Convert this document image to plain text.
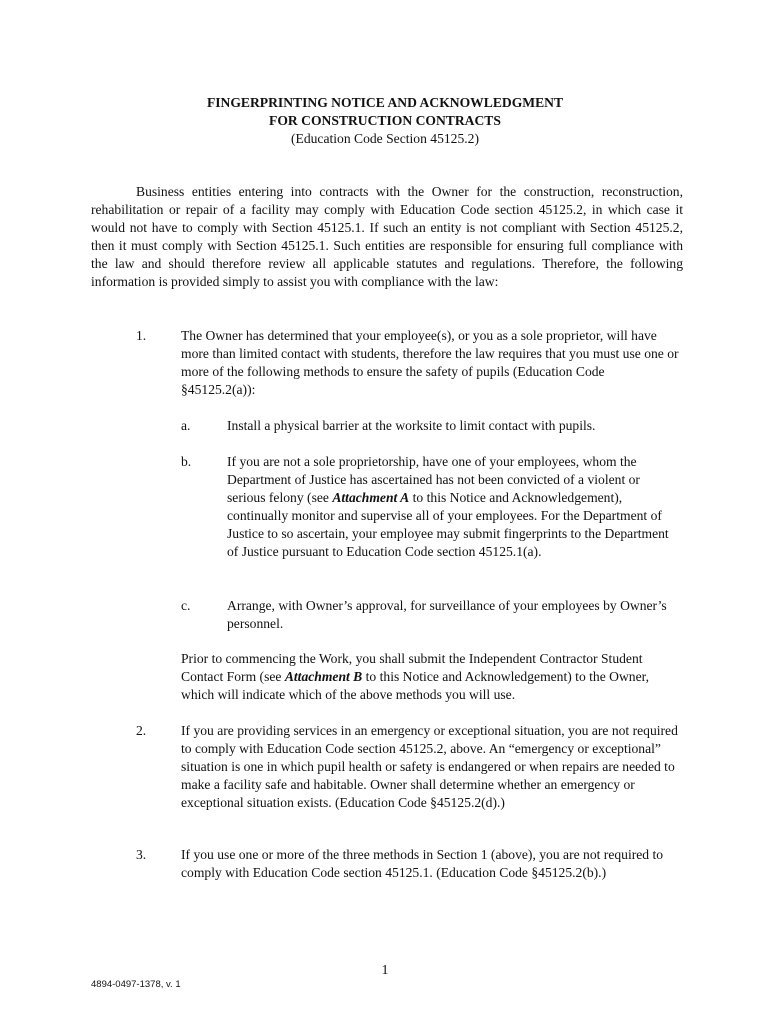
FINGERPRINTING NOTICE AND ACKNOWLEDGMENT
FOR CONSTRUCTION CONTRACTS
(Education Code Section 45125.2)

Business entities entering into contracts with the Owner for the construction, reconstruction, rehabilitation or repair of a facility may comply with Education Code section 45125.2, in which case it would not have to comply with Section 45125.1. If such an entity is not compliant with Section 45125.2, then it must comply with Section 45125.1. Such entities are responsible for ensuring full compliance with the law and should therefore review all applicable statutes and regulations. Therefore, the following information is provided simply to assist you with compliance with the law:

1.	The Owner has determined that your employee(s), or you as a sole proprietor, will have more than limited contact with students, therefore the law requires that you must use one or more of the following methods to ensure the safety of pupils (Education Code §45125.2(a)):

a.	Install a physical barrier at the worksite to limit contact with pupils.

b.	If you are not a sole proprietorship, have one of your employees, whom the Department of Justice has ascertained has not been convicted of a violent or serious felony (see Attachment A to this Notice and Acknowledgement), continually monitor and supervise all of your employees. For the Department of Justice to so ascertain, your employee may submit fingerprints to the Department of Justice pursuant to Education Code section 45125.1(a).

c.	Arrange, with Owner’s approval, for surveillance of your employees by Owner’s personnel.

Prior to commencing the Work, you shall submit the Independent Contractor Student Contact Form (see Attachment B to this Notice and Acknowledgement) to the Owner, which will indicate which of the above methods you will use.

2.	If you are providing services in an emergency or exceptional situation, you are not required to comply with Education Code section 45125.2, above. An “emergency or exceptional” situation is one in which pupil health or safety is endangered or when repairs are needed to make a facility safe and habitable. Owner shall determine whether an emergency or exceptional situation exists. (Education Code §45125.2(d).)

3.	If you use one or more of the three methods in Section 1 (above), you are not required to comply with Education Code section 45125.1. (Education Code §45125.2(b).)

1
4894-0497-1378, v. 1
